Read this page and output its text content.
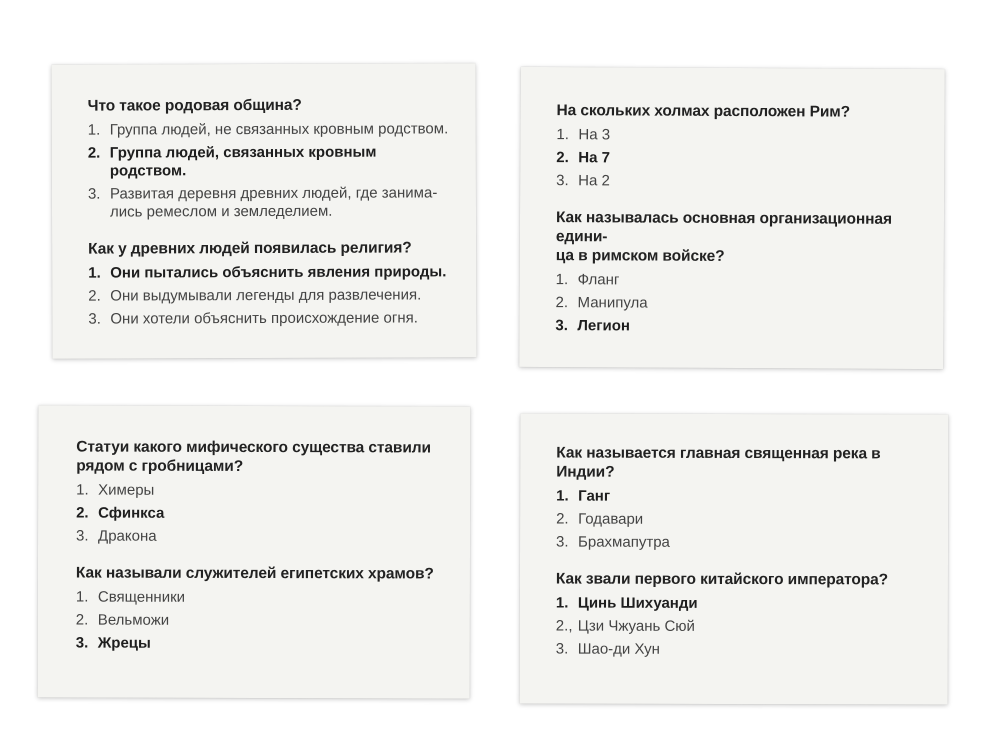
Что такое родовая община?
1. Группа людей, не связанных кровным родством.
2. Группа людей, связанных кровным родством.
3. Развитая деревня древних людей, где занима-
лись ремеслом и земледелием.
Как у древних людей появилась религия?
1. Они пытались объяснить явления природы.
2. Они выдумывали легенды для развлечения.
3. Они хотели объяснить происхождение огня.
На скольких холмах расположен Рим?
1. На 3
2. На 7
3. На 2
Как называлась основная организационная едини-
ца в римском войске?
1. Фланг
2. Манипула
3. Легион
Статуи какого мифического существа ставили
рядом с гробницами?
1. Химеры
2. Сфинкса
3. Дракона
Как называли служителей египетских храмов?
1. Священники
2. Вельможи
3. Жрецы
Как называется главная священная река в Индии?
1. Ганг
2. Годавари
3. Брахмапутра
Как звали первого китайского императора?
1. Цинь Шихуанди
2., Цзи Чжуань Сюй
3. Шао-ди Хун
